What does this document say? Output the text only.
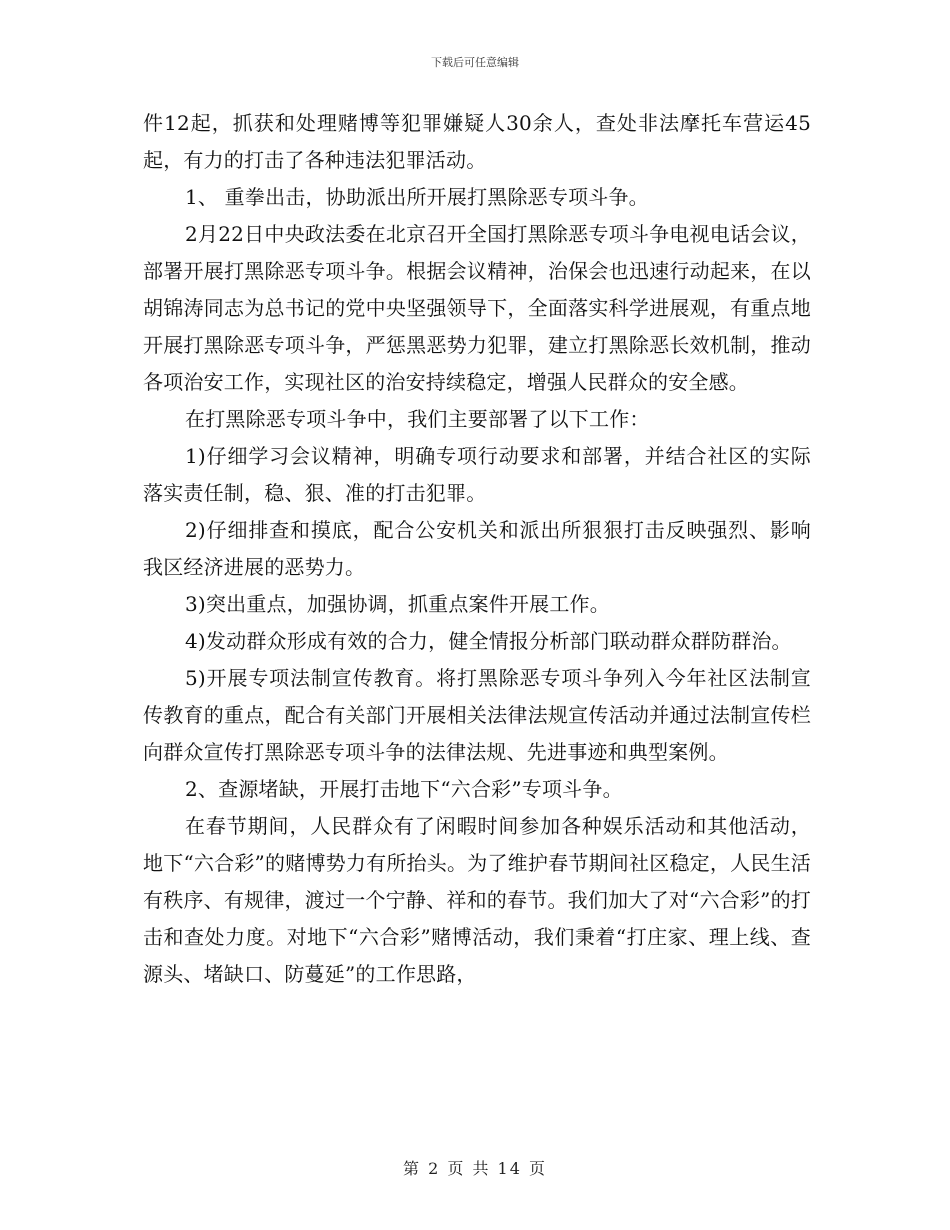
下载后可任意编辑

件12起，抓获和处理赌博等犯罪嫌疑人30余人，查处非法摩托车营运45起，有力的打击了各种违法犯罪活动。

1、 重拳出击，协助派出所开展打黑除恶专项斗争。

2月22日中央政法委在北京召开全国打黑除恶专项斗争电视电话会议，部署开展打黑除恶专项斗争。根据会议精神，治保会也迅速行动起来，在以胡锦涛同志为总书记的党中央坚强领导下，全面落实科学进展观，有重点地开展打黑除恶专项斗争，严惩黑恶势力犯罪，建立打黑除恶长效机制，推动各项治安工作，实现社区的治安持续稳定，增强人民群众的安全感。

在打黑除恶专项斗争中，我们主要部署了以下工作：

1)仔细学习会议精神，明确专项行动要求和部署，并结合社区的实际落实责任制，稳、狠、准的打击犯罪。

2)仔细排查和摸底，配合公安机关和派出所狠狠打击反映强烈、影响我区经济进展的恶势力。

3)突出重点，加强协调，抓重点案件开展工作。

4)发动群众形成有效的合力，健全情报分析部门联动群众群防群治。

5)开展专项法制宣传教育。将打黑除恶专项斗争列入今年社区法制宣传教育的重点，配合有关部门开展相关法律法规宣传活动并通过法制宣传栏向群众宣传打黑除恶专项斗争的法律法规、先进事迹和典型案例。

2、查源堵缺，开展打击地下“六合彩”专项斗争。

在春节期间，人民群众有了闲暇时间参加各种娱乐活动和其他活动，地下“六合彩”的赌博势力有所抬头。为了维护春节期间社区稳定，人民生活有秩序、有规律，渡过一个宁静、祥和的春节。我们加大了对“六合彩”的打击和查处力度。对地下“六合彩”赌博活动，我们秉着“打庄家、理上线、查源头、堵缺口、防蔓延”的工作思路，

第 2 页 共 14 页
